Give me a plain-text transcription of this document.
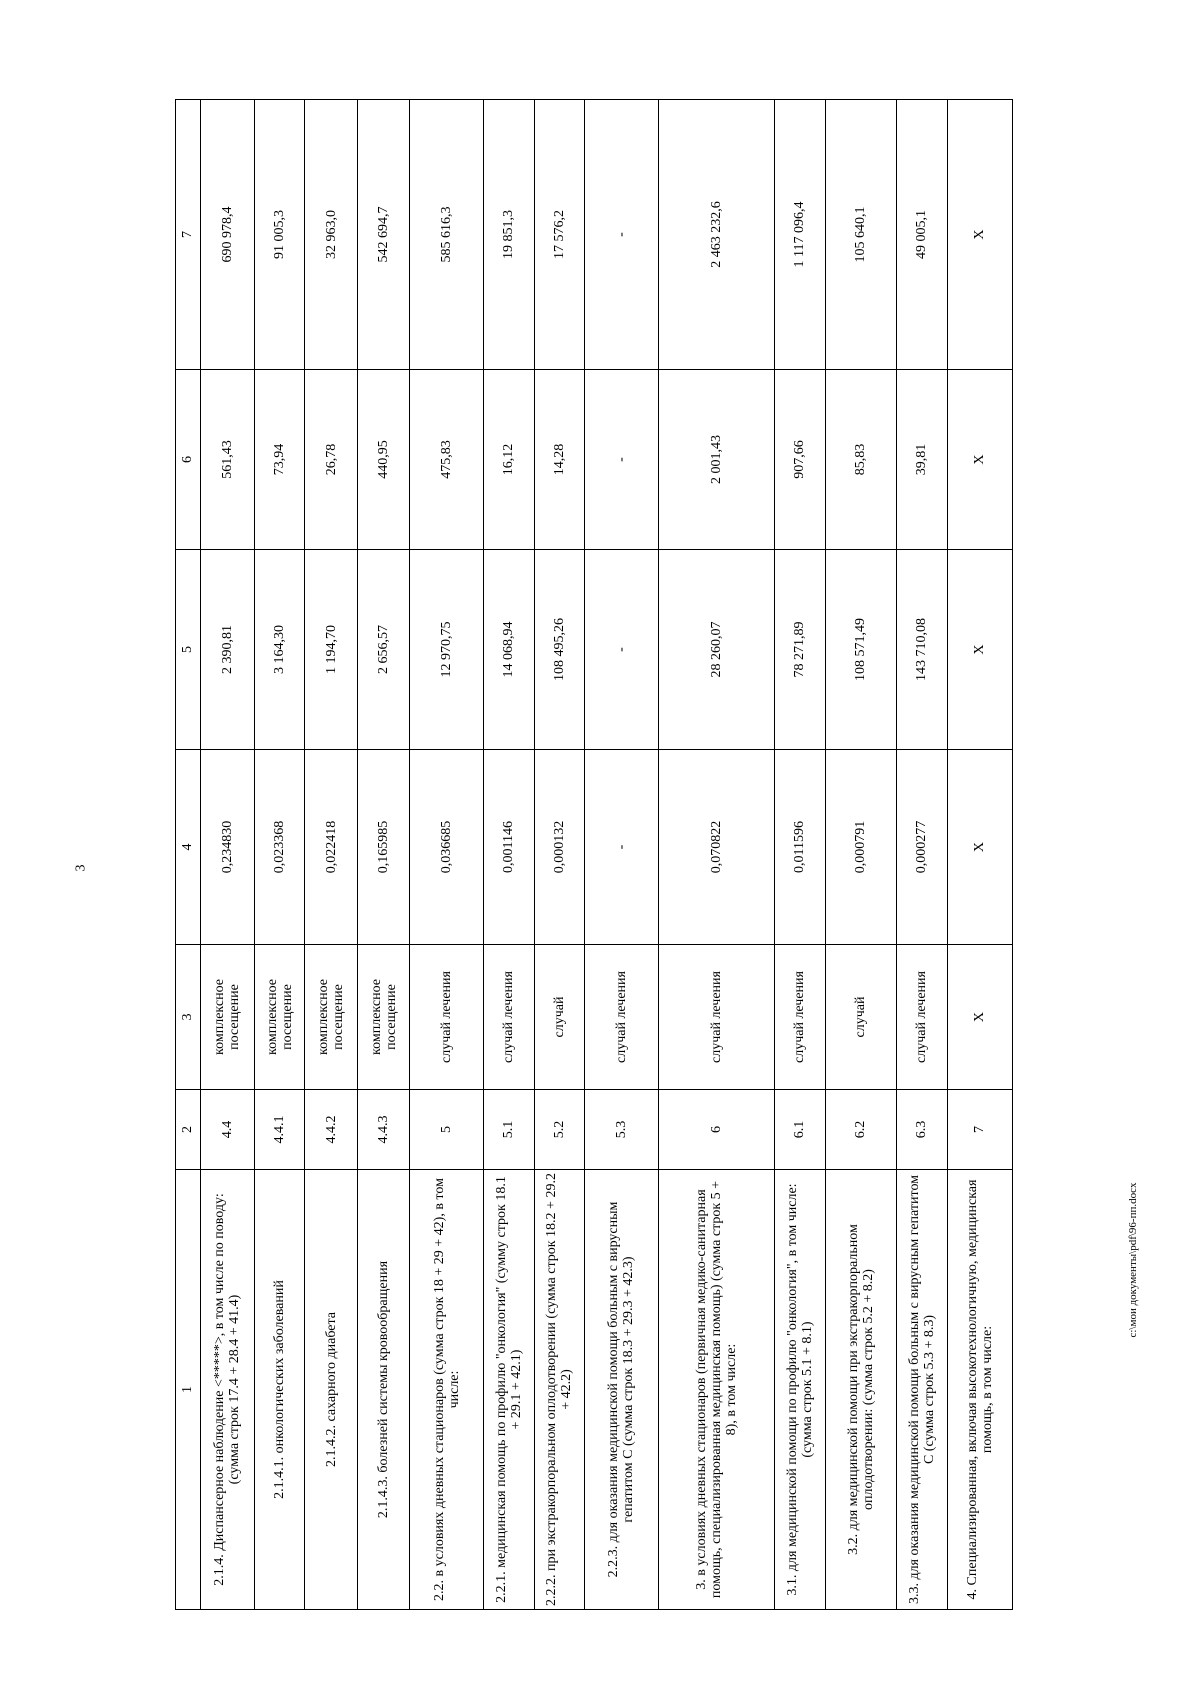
3
1	2	3	4	5	6	7
2.1.4. Диспансерное наблюдение <*****>, в том числе по поводу: (сумма строк 17.4 + 28.4 + 41.4)	4.4	комплексное посещение	0,234830	2 390,81	561,43	690 978,4
2.1.4.1. онкологических заболеваний	4.4.1	комплексное посещение	0,023368	3 164,30	73,94	91 005,3
2.1.4.2. сахарного диабета	4.4.2	комплексное посещение	0,022418	1 194,70	26,78	32 963,0
2.1.4.3. болезней системы кровообращения	4.4.3	комплексное посещение	0,165985	2 656,57	440,95	542 694,7
2.2. в условиях дневных стационаров (сумма строк 18 + 29 + 42), в том числе:	5	случай лечения	0,036685	12 970,75	475,83	585 616,3
2.2.1. медицинская помощь по профилю "онкология" (сумму строк 18.1 + 29.1 + 42.1)	5.1	случай лечения	0,001146	14 068,94	16,12	19 851,3
2.2.2. при экстракорпоральном оплодотворении (сумма строк 18.2 + 29.2 + 42.2)	5.2	случай	0,000132	108 495,26	14,28	17 576,2
2.2.3. для оказания медицинской помощи больным с вирусным гепатитом С (сумма строк 18.3 + 29.3 + 42.3)	5.3	случай лечения	-	-	-	-
3. в условиях дневных стационаров (первичная медико-санитарная помощь, специализированная медицинская помощь) (сумма строк 5 + 8), в том числе:	6	случай лечения	0,070822	28 260,07	2 001,43	2 463 232,6
3.1. для медицинской помощи по профилю "онкология", в том числе: (сумма строк 5.1 + 8.1)	6.1	случай лечения	0,011596	78 271,89	907,66	1 117 096,4
3.2. для медицинской помощи при экстракорпоральном оплодотворении: (сумма строк 5.2 + 8.2)	6.2	случай	0,000791	108 571,49	85,83	105 640,1
3.3. для оказания медицинской помощи больным с вирусным гепатитом С (сумма строк 5.3 + 8.3)	6.3	случай лечения	0,000277	143 710,08	39,81	49 005,1
4. Специализированная, включая высокотехнологичную, медицинская помощь, в том числе:	7	Х	Х	Х	Х	Х
c:\мои документы\pdf\96-пп.docx
